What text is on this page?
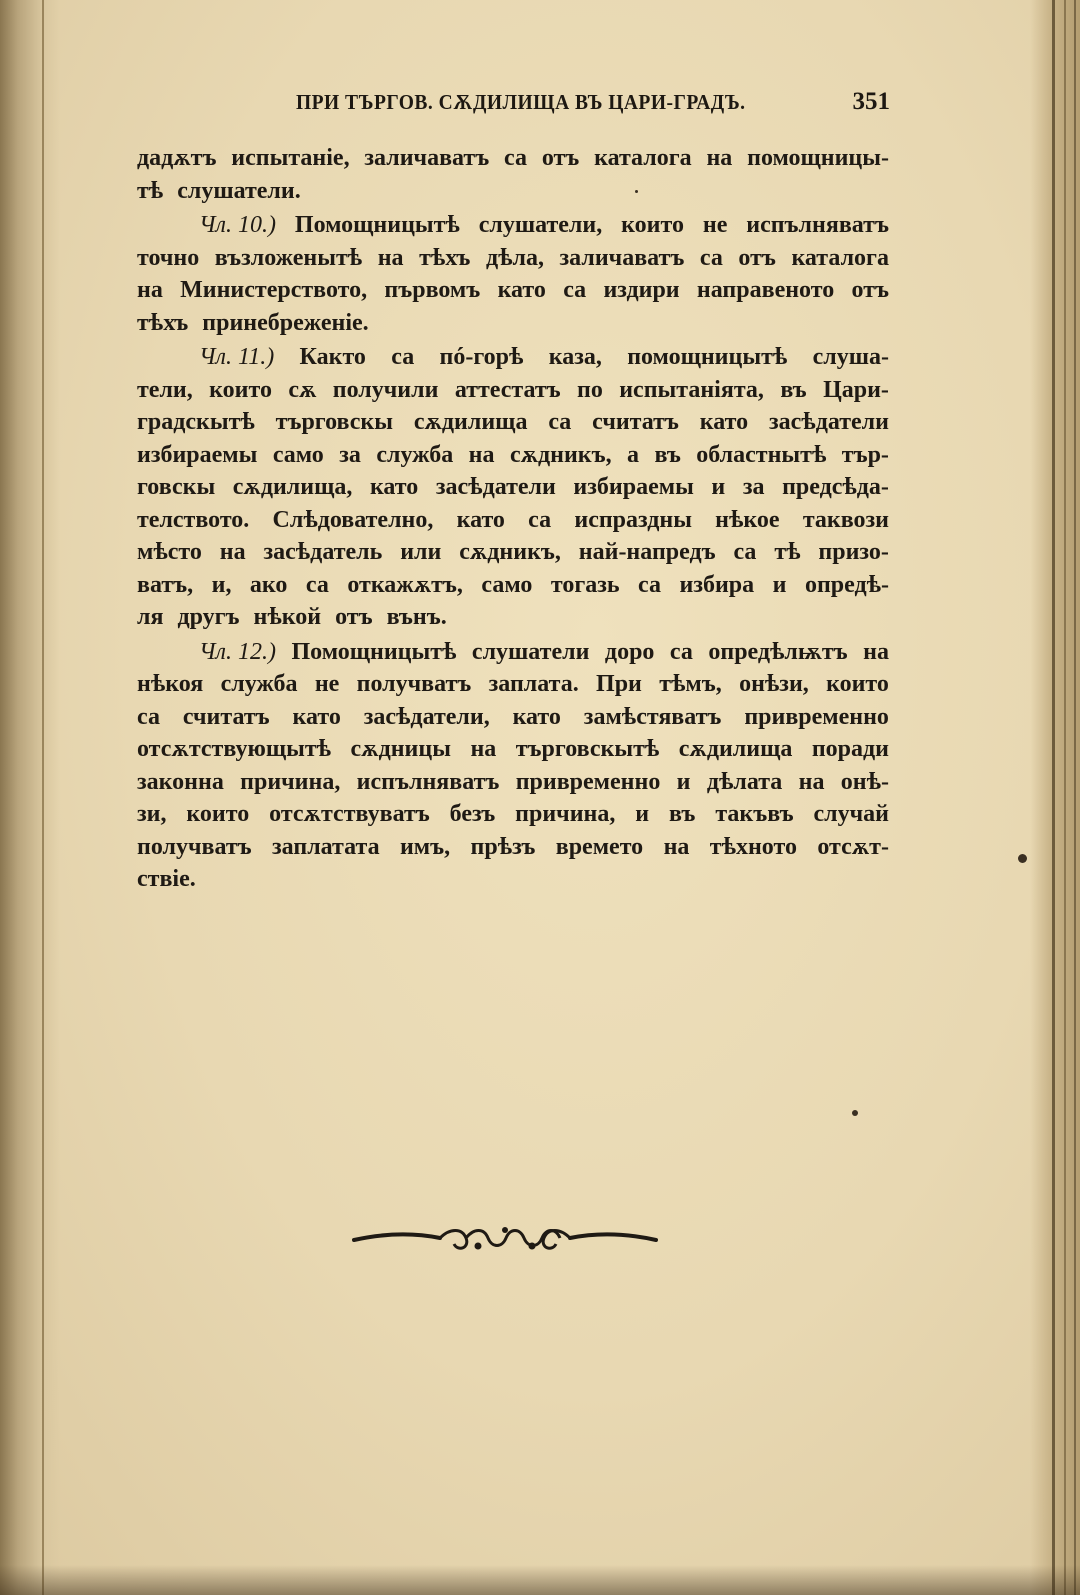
ПРИ ТЪРГОВ. СѪДИЛИЩА ВЪ ЦАРИ-ГРАДЪ.	351
дадѫтъ испытаніе, заличаватъ са отъ каталога на помощницы-
тѣ слушатели.
Чл. 10.) Помощницытѣ слушатели, които не испълняватъ
точно възложенытѣ на тѣхъ дѣла, заличаватъ са отъ каталога
на Министерството, първомъ като са издири направеното отъ
тѣхъ принебреженіе.
Чл. 11.) Както са пó-горѣ каза, помощницытѣ слуша-
тели, които сѫ получили аттестатъ по испытанiята, въ Цари-
градскытѣ търговскы сѫдилища са считатъ като засѣдатели
избираемы само за служба на сѫдникъ, а въ областнытѣ тър-
говскы сѫдилища, като засѣдатели избираемы и за предсѣда-
телството. Слѣдователно, като са испраздны нѣкое таквози
мѣсто на засѣдатель или сѫдникъ, най-напредъ са тѣ призо-
ватъ, и, ако са откажѫтъ, само тогазь са избира и опредѣ-
ля другъ нѣкой отъ вънъ.
Чл. 12.) Помощницытѣ слушатели доро са опредѣлѭтъ на
нѣкоя служба не получватъ заплата. При тѣмъ, онѣзи, които
са считатъ като засѣдатели, като замѣстяватъ привременно
отсѫтствующытѣ сѫдницы на търговскытѣ сѫдилища поради
законна причина, испълняватъ привременно и дѣлата на онѣ-
зи, които отсѫтствуватъ безъ причина, и въ такъвъ случай
получватъ заплатата имъ, прѣзъ времето на тѣхното отсѫт-
ствіе.
